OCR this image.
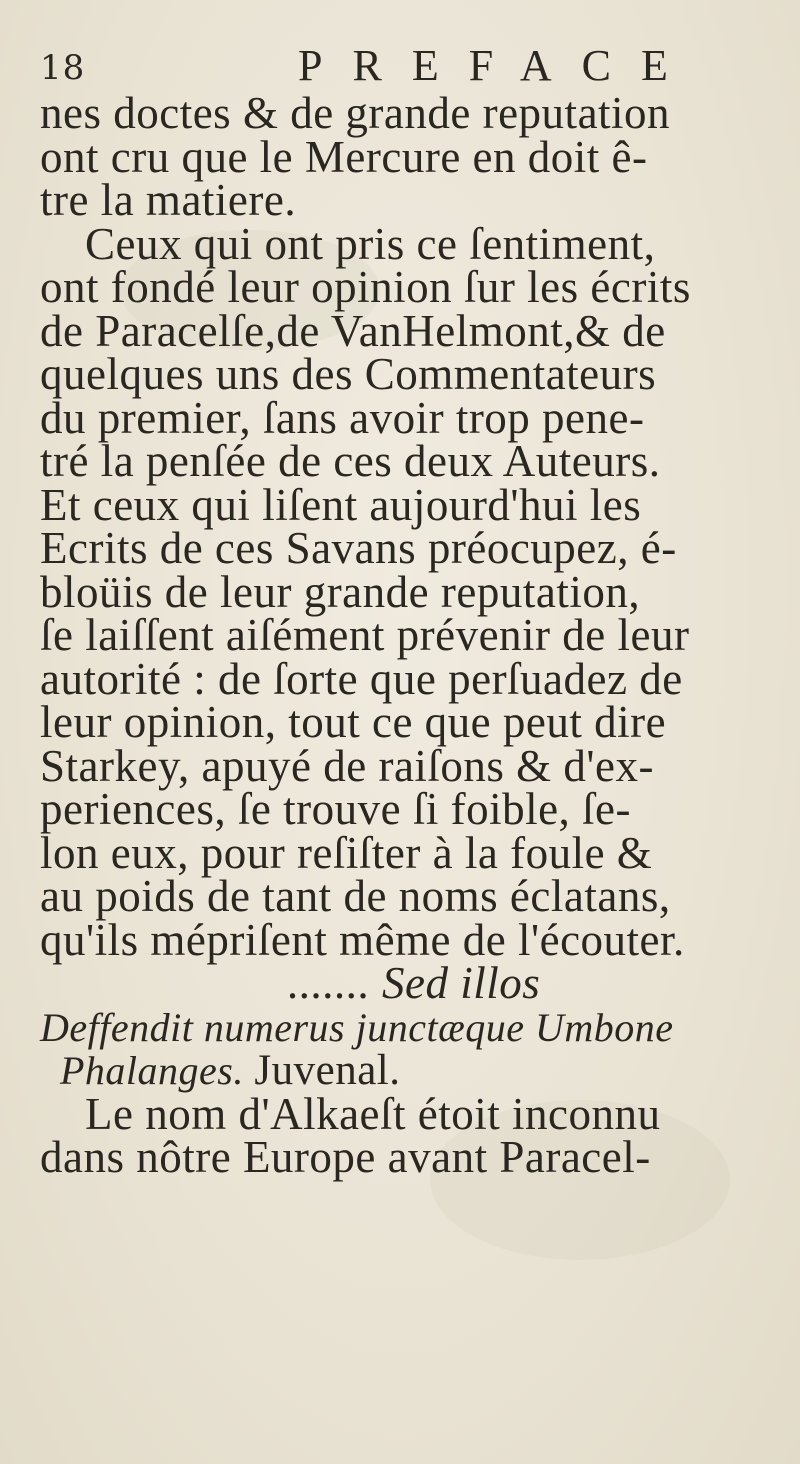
18	PREFACE
nes doctes & de grande reputation
ont cru que le Mercure en doit ê-
tre la matiere.
Ceux qui ont pris ce ſentiment,
ont fondé leur opinion ſur les écrits
de Paracelſe,de VanHelmont,& de
quelques uns des Commentateurs
du premier, ſans avoir trop pene-
tré la penſée de ces deux Auteurs.
Et ceux qui liſent aujourd'hui les
Ecrits de ces Savans préocupez, é-
bloüis de leur grande reputation,
ſe laiſſent aiſément prévenir de leur
autorité : de ſorte que perſuadez de
leur opinion, tout ce que peut dire
Starkey, apuyé de raiſons & d'ex-
periences, ſe trouve ſi foible, ſe-
lon eux, pour reſiſter à la foule &
au poids de tant de noms éclatans,
qu'ils mépriſent même de l'écouter.
....... Sed illos
Deffendit numerus junctæque Umbone
Phalanges. Juvenal.
Le nom d'Alkaeſt étoit inconnu
dans nôtre Europe avant Paracel-
